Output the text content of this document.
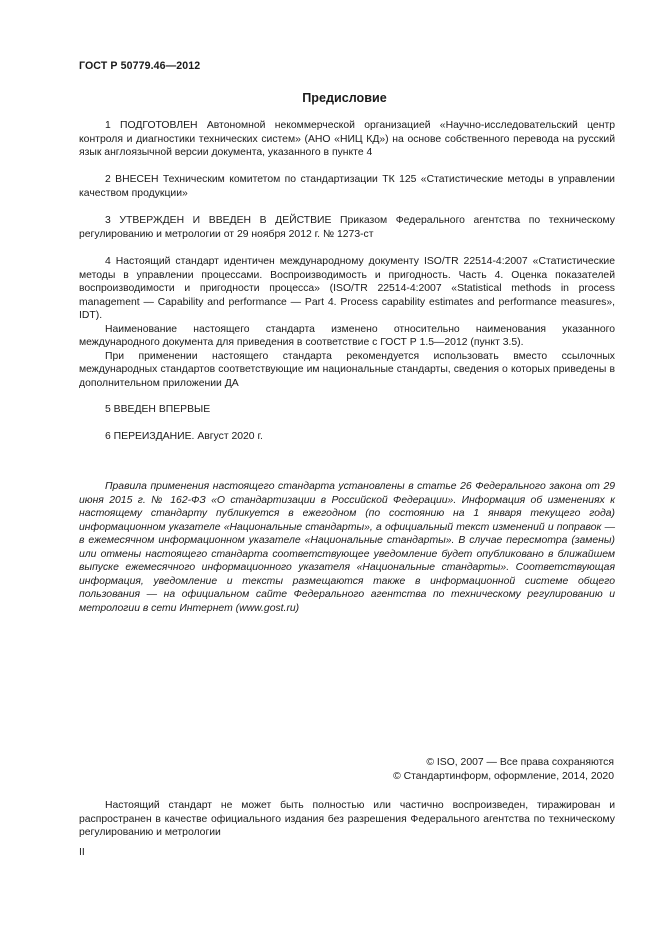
ГОСТ Р 50779.46—2012
Предисловие

1 ПОДГОТОВЛЕН Автономной некоммерческой организацией «Научно-исследовательский центр контроля и диагностики технических систем» (АНО «НИЦ КД») на основе собственного перевода на русский язык англоязычной версии документа, указанного в пункте 4

2 ВНЕСЕН Техническим комитетом по стандартизации ТК 125 «Статистические методы в управлении качеством продукции»

3 УТВЕРЖДЕН И ВВЕДЕН В ДЕЙСТВИЕ Приказом Федерального агентства по техническому регулированию и метрологии от 29 ноября 2012 г. № 1273-ст

4 Настоящий стандарт идентичен международному документу ISO/TR 22514-4:2007 «Статистические методы в управлении процессами. Воспроизводимость и пригодность. Часть 4. Оценка показателей воспроизводимости и пригодности процесса» (ISO/TR 22514-4:2007 «Statistical methods in process management — Capability and performance — Part 4. Process capability estimates and performance measures», IDT).

Наименование настоящего стандарта изменено относительно наименования указанного международного документа для приведения в соответствие с ГОСТ Р 1.5—2012 (пункт 3.5).

При применении настоящего стандарта рекомендуется использовать вместо ссылочных международных стандартов соответствующие им национальные стандарты, сведения о которых приведены в дополнительном приложении ДА

5 ВВЕДЕН ВПЕРВЫЕ

6 ПЕРЕИЗДАНИЕ. Август 2020 г.

Правила применения настоящего стандарта установлены в статье 26 Федерального закона от 29 июня 2015 г. № 162-ФЗ «О стандартизации в Российской Федерации». Информация об изменениях к настоящему стандарту публикуется в ежегодном (по состоянию на 1 января текущего года) информационном указателе «Национальные стандарты», а официальный текст изменений и поправок — в ежемесячном информационном указателе «Национальные стандарты». В случае пересмотра (замены) или отмены настоящего стандарта соответствующее уведомление будет опубликовано в ближайшем выпуске ежемесячного информационного указателя «Национальные стандарты». Соответствующая информация, уведомление и тексты размещаются также в информационной системе общего пользования — на официальном сайте Федерального агентства по техническому регулированию и метрологии в сети Интернет (www.gost.ru)

© ISO, 2007 — Все права сохраняются
© Стандартинформ, оформление, 2014, 2020

Настоящий стандарт не может быть полностью или частично воспроизведен, тиражирован и распространен в качестве официального издания без разрешения Федерального агентства по техническому регулированию и метрологии

II
